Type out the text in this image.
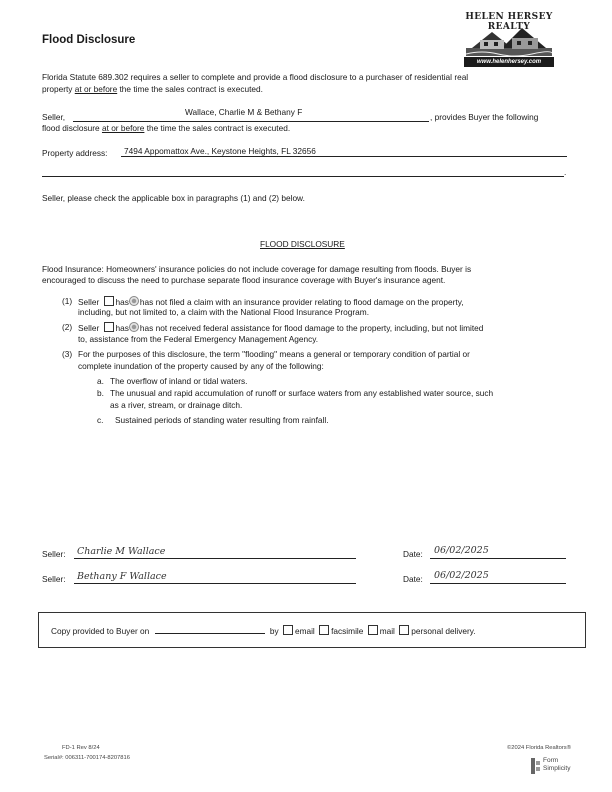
HELEN HERSEY REALTY
www.helenhersey.com
Flood Disclosure
Florida Statute 689.302 requires a seller to complete and provide a flood disclosure to a purchaser of residential real
property at or before the time the sales contract is executed.
Seller,	Wallace, Charlie M & Bethany F	, provides Buyer the following
flood disclosure at or before the time the sales contract is executed.
Property address: 7494 Appomattox Ave., Keystone Heights, FL 32656
.
Seller, please check the applicable box in paragraphs (1) and (2) below.
FLOOD DISCLOSURE
Flood Insurance: Homeowners' insurance policies do not include coverage for damage resulting from floods. Buyer is
encouraged to discuss the need to purchase separate flood insurance coverage with Buyer's insurance agent.
(1) Seller has has not filed a claim with an insurance provider relating to flood damage on the property,
including, but not limited to, a claim with the National Flood Insurance Program.
(2) Seller has has not received federal assistance for flood damage to the property, including, but not limited
to, assistance from the Federal Emergency Management Agency.
(3) For the purposes of this disclosure, the term "flooding" means a general or temporary condition of partial or
complete inundation of the property caused by any of the following:
a. The overflow of inland or tidal waters.
b. The unusual and rapid accumulation of runoff or surface waters from any established water source, such
as a river, stream, or drainage ditch.
c. Sustained periods of standing water resulting from rainfall.
Seller: Charlie M Wallace	Date: 06/02/2025
Seller: Bethany F Wallace	Date: 06/02/2025
Copy provided to Buyer on	by email facsimile mail personal delivery.
FD-1 Rev 8/24
Serial#: 006311-700174-8207816
©2024 Florida Realtors®
Form
Simplicity
